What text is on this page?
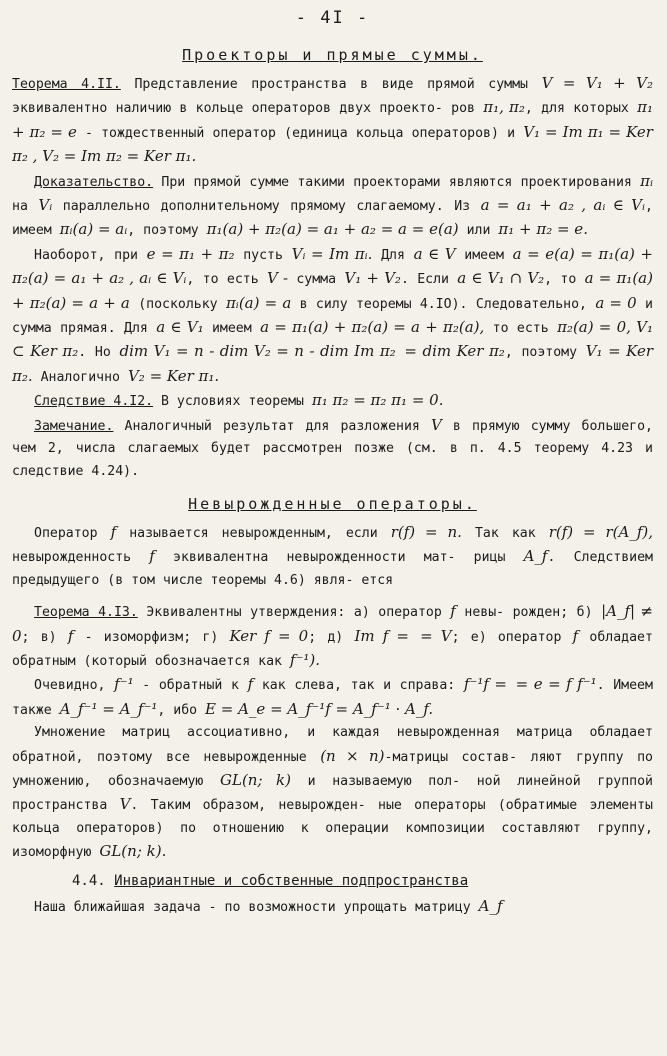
- 4I -
Проекторы и прямые суммы.

Теорема 4.II. Представление пространства в виде прямой суммы V = V₁ + V₂ эквивалентно наличию в кольце операторов двух проекто- ров π₁, π₂, для которых π₁ + π₂ = e - тождественный оператор (единица кольца операторов) и V₁ = Im π₁ = Ker π₂ , V₂ = Im π₂ = Ker π₁.

Доказательство. При прямой сумме такими проекторами являются проектирования πᵢ на Vᵢ параллельно дополнительному прямому слагаемому. Из a = a₁ + a₂ , aᵢ ∈ Vᵢ, имеем πᵢ(a) = aᵢ, поэтому π₁(a) + π₂(a) = a₁ + a₂ = a = e(a) или π₁ + π₂ = e.

Наоборот, при e = π₁ + π₂ пусть Vᵢ = Im πᵢ. Для a ∈ V имеем a = e(a) = π₁(a) + π₂(a) = a₁ + a₂ , aᵢ ∈ Vᵢ, то есть V - сумма V₁ + V₂. Если a ∈ V₁ ∩ V₂, то a = π₁(a) + π₂(a) = a + a (поскольку πᵢ(a) = a в силу теоремы 4.IO). Следовательно, a = 0 и сумма прямая. Для a ∈ V₁ имеем a = π₁(a) + π₂(a) = a + π₂(a), то есть π₂(a) = 0, V₁ ⊂ Ker π₂. Но dim V₁ = n - dim V₂ = n - dim Im π₂ = dim Ker π₂, поэтому V₁ = Ker π₂. Аналогично V₂ = Ker π₁.

Следствие 4.I2. В условиях теоремы π₁ π₂ = π₂ π₁ = 0.

Замечание. Аналогичный результат для разложения V в прямую сумму большего, чем 2, числа слагаемых будет рассмотрен позже (см. в п. 4.5 теорему 4.23 и следствие 4.24).

Невырожденные операторы.

Оператор f называется невырожденным, если r(f) = n. Так как r(f) = r(A_f), невырожденность f эквивалентна невырожденности мат- рицы A_f. Следствием предыдущего (в том числе теоремы 4.6) явля- ется

Теорема 4.I3. Эквивалентны утверждения: а) оператор f невы- рожден; б) |A_f| ≠ 0; в) f - изоморфизм; г) Ker f = 0; д) Im f = = V; е) оператор f обладает обратным (который обозначается как f⁻¹).

Очевидно, f⁻¹ - обратный к f как слева, так и справа: f⁻¹f = = e = f f⁻¹. Имеем также A_f⁻¹ = A_f⁻¹, ибо E = A_e = A_f⁻¹f = A_f⁻¹ · A_f.

Умножение матриц ассоциативно, и каждая невырожденная матрица обладает обратной, поэтому все невырожденные (n × n)-матрицы состав- ляют группу по умножению, обозначаемую GL(n; k) и называемую пол- ной линейной группой пространства V. Таким образом, невырожден- ные операторы (обратимые элементы кольца операторов) по отношению к операции композиции составляют группу, изоморфную GL(n; k).

4.4. Инвариантные и собственные подпространства

Наша ближайшая задача - по возможности упрощать матрицу A_f
